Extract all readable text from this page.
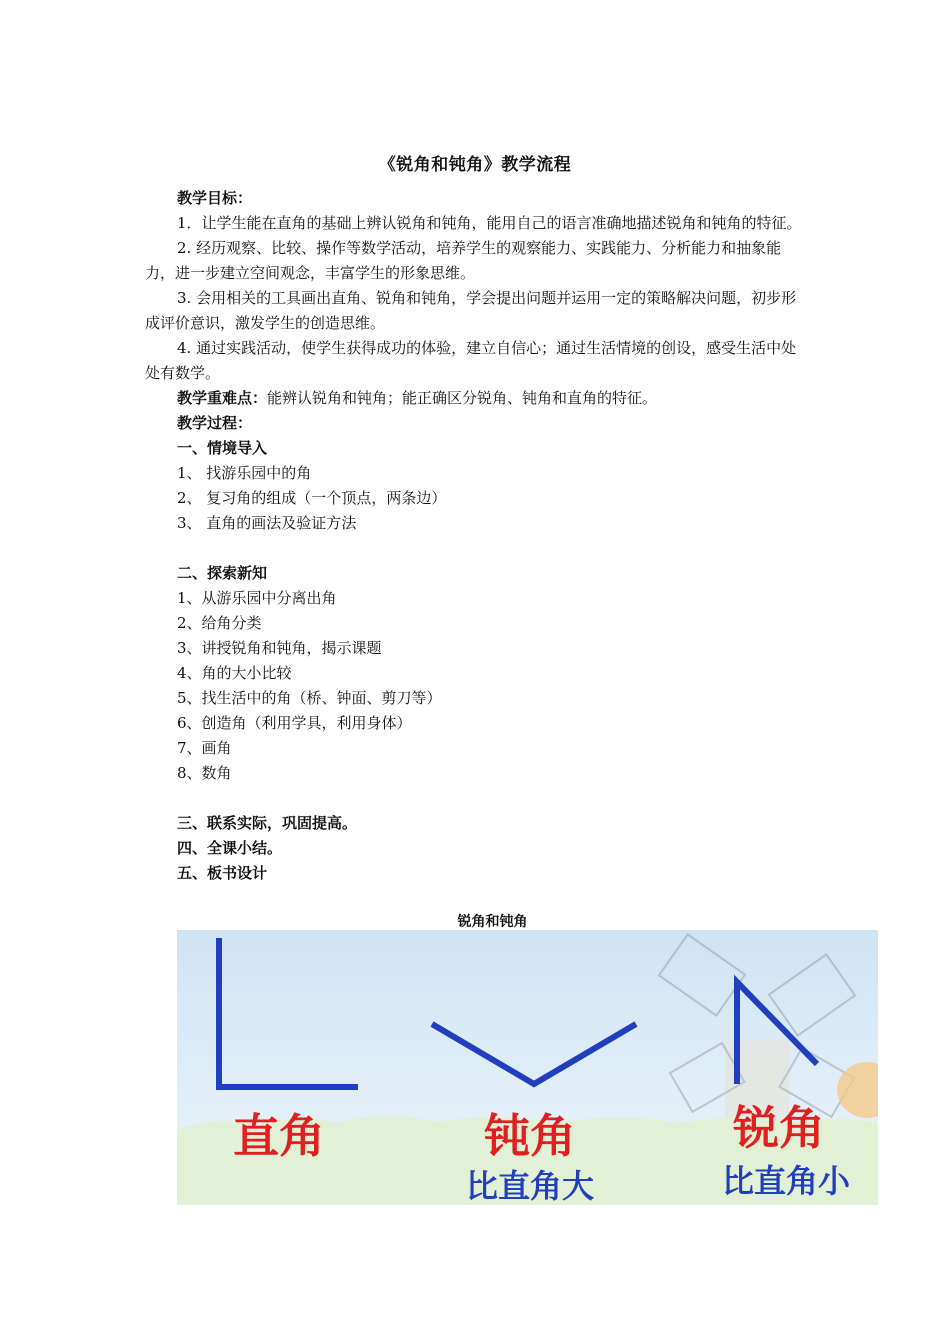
《锐角和钝角》教学流程

教学目标：

1．让学生能在直角的基础上辨认锐角和钝角，能用自己的语言准确地描述锐角和钝角的特征。

2. 经历观察、比较、操作等数学活动，培养学生的观察能力、实践能力、分析能力和抽象能力，进一步建立空间观念，丰富学生的形象思维。

3. 会用相关的工具画出直角、锐角和钝角，学会提出问题并运用一定的策略解决问题，初步形成评价意识，激发学生的创造思维。

4. 通过实践活动，使学生获得成功的体验，建立自信心；通过生活情境的创设，感受生活中处处有数学。

教学重难点：能辨认锐角和钝角；能正确区分锐角、钝角和直角的特征。

教学过程：

一、情境导入

1、 找游乐园中的角

2、 复习角的组成（一个顶点，两条边）

3、 直角的画法及验证方法

二、探索新知

1、从游乐园中分离出角

2、给角分类

3、讲授锐角和钝角，揭示课题

4、角的大小比较

5、找生活中的角（桥、钟面、剪刀等）

6、创造角（利用学具，利用身体）

7、画角

8、数角

三、联系实际，巩固提高。

四、全课小结。

五、板书设计

锐角和钝角
直角	钝角
比直角大
锐角
比直角小
